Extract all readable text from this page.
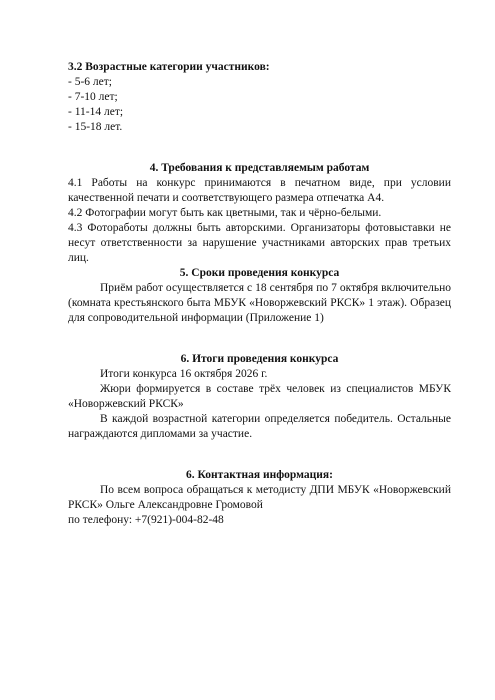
3.2 Возрастные категории участников:

- 5-6 лет;
- 7-10 лет;
- 11-14 лет;
- 15-18 лет.

4. Требования к представляемым работам

4.1 Работы на конкурс принимаются в печатном виде, при условии качественной печати и соответствующего размера отпечатка А4.

4.2 Фотографии могут быть как цветными, так и чёрно-белыми.

4.3 Фотоработы должны быть авторскими. Организаторы фотовыставки не несут ответственности за нарушение участниками авторских прав третьих лиц.

5. Сроки проведения конкурса

Приём работ осуществляется с 18 сентября по 7 октября включительно (комната крестьянского быта МБУК «Новоржевский РКСК» 1 этаж). Образец для сопроводительной информации (Приложение 1)

6. Итоги проведения конкурса

Итоги конкурса 16 октября 2026 г.

Жюри формируется в составе трёх человек из специалистов МБУК «Новоржевский РКСК»

В каждой возрастной категории определяется победитель. Остальные награждаются дипломами за участие.

6. Контактная информация:

По всем вопроса обращаться к методисту ДПИ МБУК «Новоржевский РКСК» Ольге Александровне Громовой

по телефону: +7(921)-004-82-48
